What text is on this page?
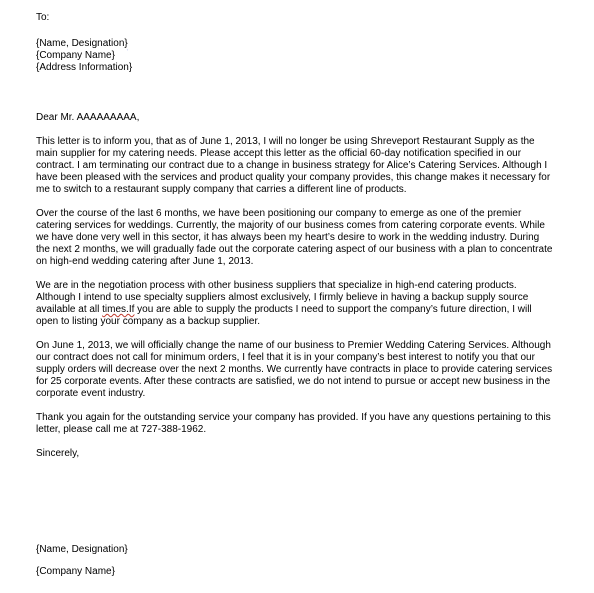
To:
{Name, Designation}
{Company Name}
{Address Information}
Dear Mr. AAAAAAAAA,
This letter is to inform you, that as of June 1, 2013, I will no longer be using Shreveport Restaurant Supply as the
main supplier for my catering needs. Please accept this letter as the official 60-day notification specified in our
contract. I am terminating our contract due to a change in business strategy for Alice’s Catering Services. Although I
have been pleased with the services and product quality your company provides, this change makes it necessary for
me to switch to a restaurant supply company that carries a different line of products.
Over the course of the last 6 months, we have been positioning our company to emerge as one of the premier
catering services for weddings. Currently, the majority of our business comes from catering corporate events. While
we have done very well in this sector, it has always been my heart’s desire to work in the wedding industry. During
the next 2 months, we will gradually fade out the corporate catering aspect of our business with a plan to concentrate
on high-end wedding catering after June 1, 2013.
We are in the negotiation process with other business suppliers that specialize in high-end catering products.
Although I intend to use specialty suppliers almost exclusively, I firmly believe in having a backup supply source
available at all times.If you are able to supply the products I need to support the company’s future direction, I will
open to listing your company as a backup supplier.
On June 1, 2013, we will officially change the name of our business to Premier Wedding Catering Services. Although
our contract does not call for minimum orders, I feel that it is in your company’s best interest to notify you that our
supply orders will decrease over the next 2 months. We currently have contracts in place to provide catering services
for 25 corporate events. After these contracts are satisfied, we do not intend to pursue or accept new business in the
corporate event industry.
Thank you again for the outstanding service your company has provided. If you have any questions pertaining to this
letter, please call me at 727-388-1962.
Sincerely,
{Name, Designation}
{Company Name}
